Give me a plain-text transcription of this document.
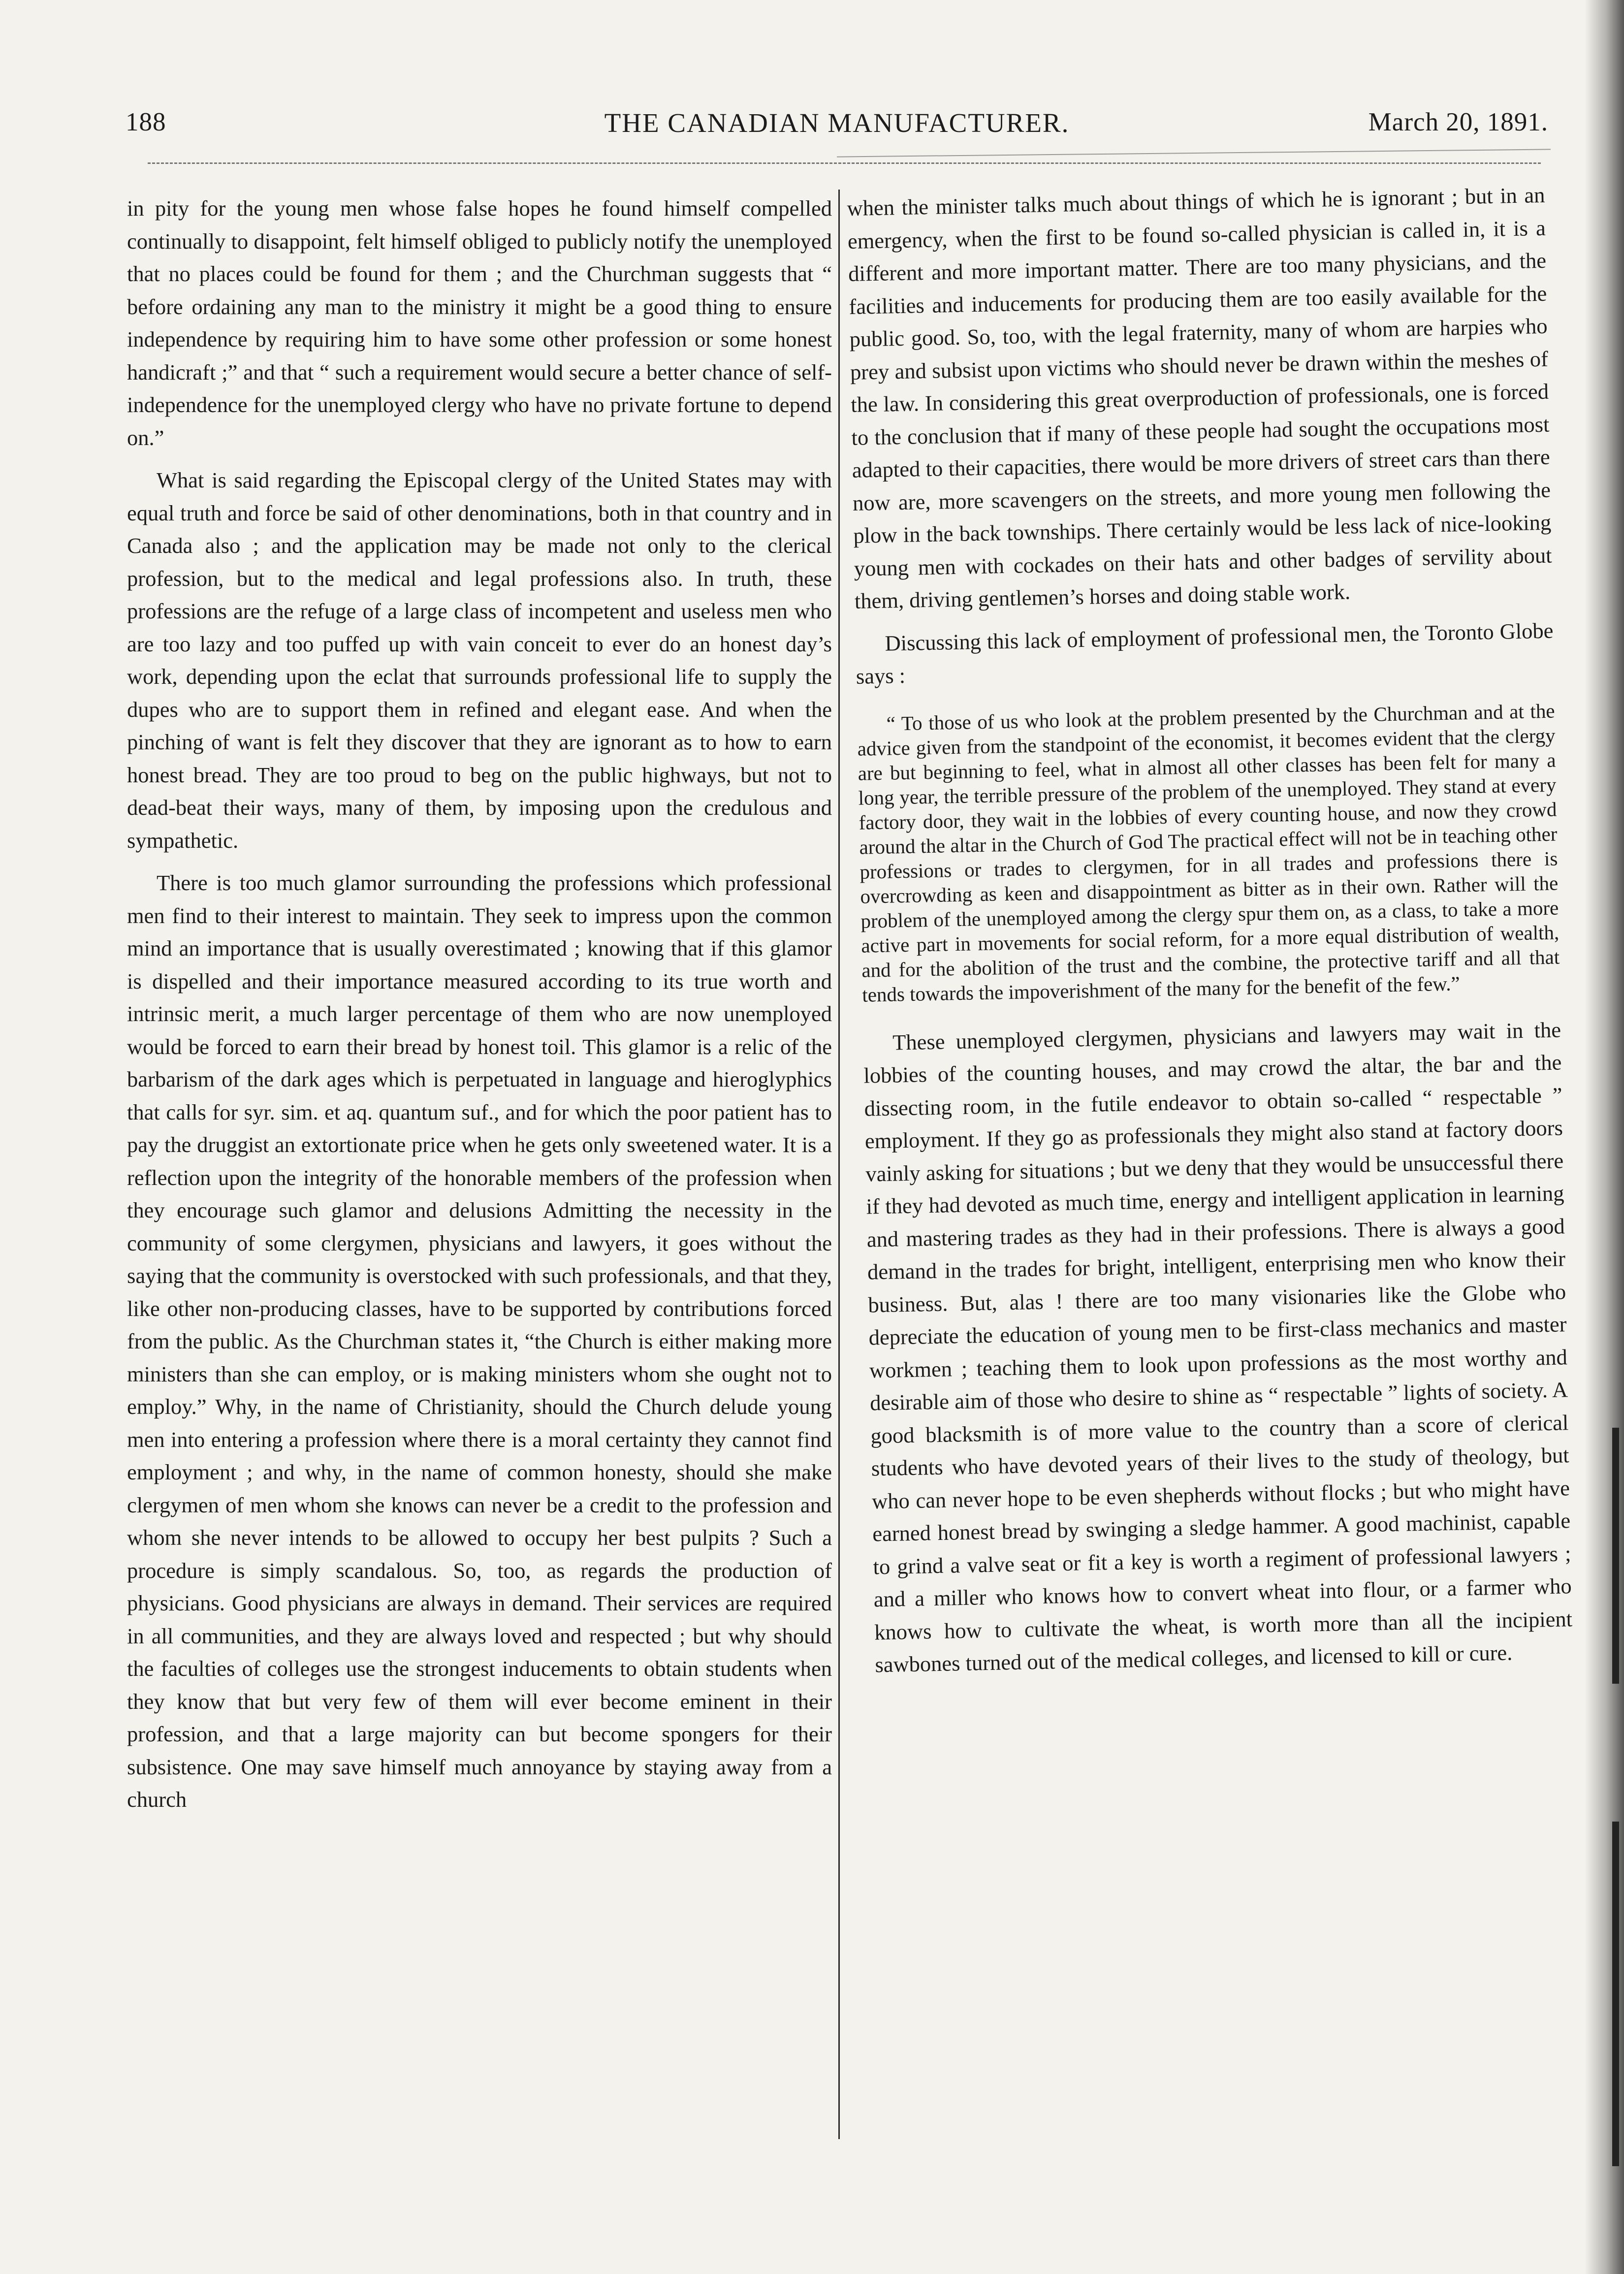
188	THE CANADIAN MANUFACTURER.	March 20, 1891.

in pity for the young men whose false hopes he found himself compelled continually to disappoint, felt himself obliged to publicly notify the unemployed that no places could be found for them ; and the Churchman suggests that “ before ordaining any man to the ministry it might be a good thing to ensure independence by requiring him to have some other profession or some honest handicraft ;” and that “ such a requirement would secure a better chance of self-independence for the unemployed clergy who have no private fortune to depend on.”

What is said regarding the Episcopal clergy of the United States may with equal truth and force be said of other denominations, both in that country and in Canada also ; and the application may be made not only to the clerical profession, but to the medical and legal professions also. In truth, these professions are the refuge of a large class of incompetent and useless men who are too lazy and too puffed up with vain conceit to ever do an honest day’s work, depending upon the eclat that surrounds professional life to supply the dupes who are to support them in refined and elegant ease. And when the pinching of want is felt they discover that they are ignorant as to how to earn honest bread. They are too proud to beg on the public highways, but not to dead-beat their ways, many of them, by imposing upon the credulous and sympathetic.

There is too much glamor surrounding the professions which professional men find to their interest to maintain. They seek to impress upon the common mind an importance that is usually overestimated ; knowing that if this glamor is dispelled and their importance measured according to its true worth and intrinsic merit, a much larger percentage of them who are now unemployed would be forced to earn their bread by honest toil. This glamor is a relic of the barbarism of the dark ages which is perpetuated in language and hieroglyphics that calls for syr. sim. et aq. quantum suf., and for which the poor patient has to pay the druggist an extortionate price when he gets only sweetened water. It is a reflection upon the integrity of the honorable members of the profession when they encourage such glamor and delusions Admitting the necessity in the community of some clergymen, physicians and lawyers, it goes without the saying that the community is overstocked with such professionals, and that they, like other non-producing classes, have to be supported by contributions forced from the public. As the Churchman states it, “the Church is either making more ministers than she can employ, or is making ministers whom she ought not to employ.” Why, in the name of Christianity, should the Church delude young men into entering a profession where there is a moral certainty they cannot find employment ; and why, in the name of common honesty, should she make clergymen of men whom she knows can never be a credit to the profession and whom she never intends to be allowed to occupy her best pulpits ? Such a procedure is simply scandalous. So, too, as regards the production of physicians. Good physicians are always in demand. Their services are required in all communities, and they are always loved and respected ; but why should the faculties of colleges use the strongest inducements to obtain students when they know that but very few of them will ever become eminent in their profession, and that a large majority can but become spongers for their subsistence. One may save himself much annoyance by staying away from a church

when the minister talks much about things of which he is ignorant ; but in an emergency, when the first to be found so-called physician is called in, it is a different and more important matter. There are too many physicians, and the facilities and inducements for producing them are too easily available for the public good. So, too, with the legal fraternity, many of whom are harpies who prey and subsist upon victims who should never be drawn within the meshes of the law. In considering this great overproduction of professionals, one is forced to the conclusion that if many of these people had sought the occupations most adapted to their capacities, there would be more drivers of street cars than there now are, more scavengers on the streets, and more young men following the plow in the back townships. There certainly would be less lack of nice-looking young men with cockades on their hats and other badges of servility about them, driving gentlemen’s horses and doing stable work.

Discussing this lack of employment of professional men, the Toronto Globe says :

“ To those of us who look at the problem presented by the Churchman and at the advice given from the standpoint of the economist, it becomes evident that the clergy are but beginning to feel, what in almost all other classes has been felt for many a long year, the terrible pressure of the problem of the unemployed. They stand at every factory door, they wait in the lobbies of every counting house, and now they crowd around the altar in the Church of God The practical effect will not be in teaching other professions or trades to clergymen, for in all trades and professions there is overcrowding as keen and disappointment as bitter as in their own. Rather will the problem of the unemployed among the clergy spur them on, as a class, to take a more active part in movements for social reform, for a more equal distribution of wealth, and for the abolition of the trust and the combine, the protective tariff and all that tends towards the impoverishment of the many for the benefit of the few.”

These unemployed clergymen, physicians and lawyers may wait in the lobbies of the counting houses, and may crowd the altar, the bar and the dissecting room, in the futile endeavor to obtain so-called “ respectable ” employment. If they go as professionals they might also stand at factory doors vainly asking for situations ; but we deny that they would be unsuccessful there if they had devoted as much time, energy and intelligent application in learning and mastering trades as they had in their professions. There is always a good demand in the trades for bright, intelligent, enterprising men who know their business. But, alas ! there are too many visionaries like the Globe who depreciate the education of young men to be first-class mechanics and master workmen ; teaching them to look upon professions as the most worthy and desirable aim of those who desire to shine as “ respectable ” lights of society. A good blacksmith is of more value to the country than a score of clerical students who have devoted years of their lives to the study of theology, but who can never hope to be even shepherds without flocks ; but who might have earned honest bread by swinging a sledge hammer. A good machinist, capable to grind a valve seat or fit a key is worth a regiment of professional lawyers ; and a miller who knows how to convert wheat into flour, or a farmer who knows how to cultivate the wheat, is worth more than all the incipient sawbones turned out of the medical colleges, and licensed to kill or cure.
